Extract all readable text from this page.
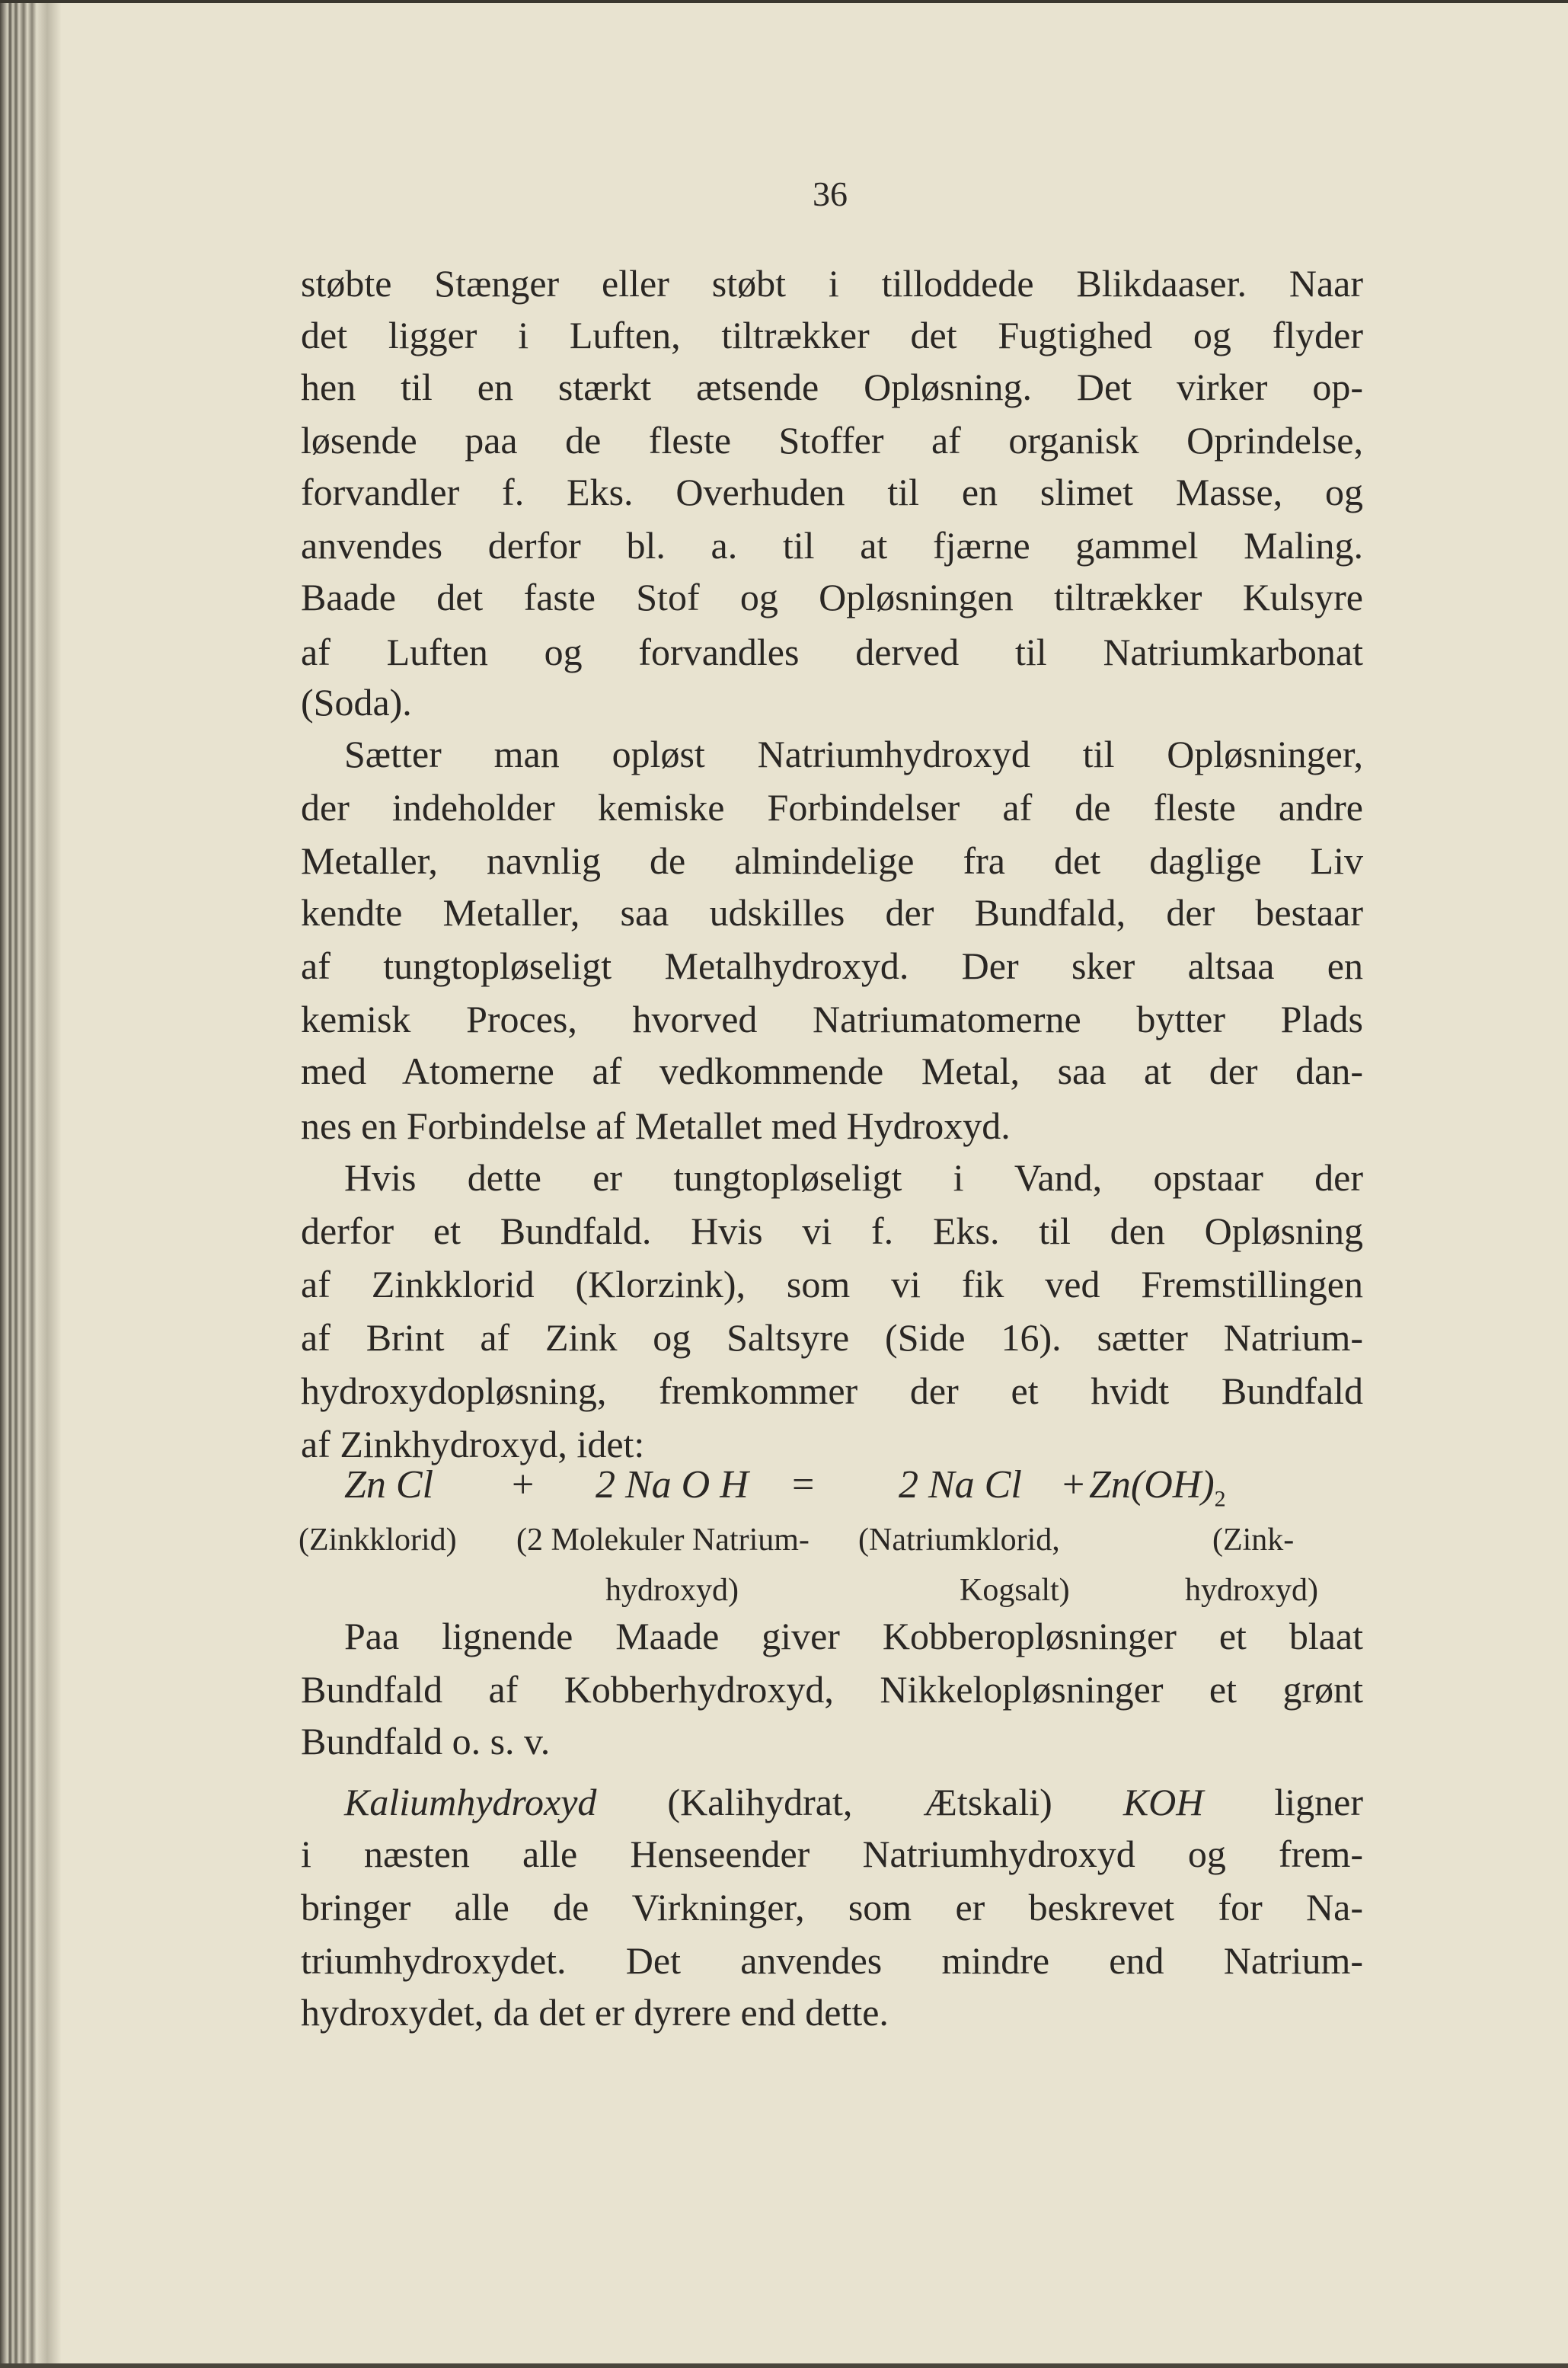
36
støbte Stænger eller støbt i tilloddede Blikdaaser. Naar
det ligger i Luften, tiltrækker det Fugtighed og flyder
hen til en stærkt ætsende Opløsning. Det virker op-
løsende paa de fleste Stoffer af organisk Oprindelse,
forvandler f. Eks. Overhuden til en slimet Masse, og
anvendes derfor bl. a. til at fjærne gammel Maling.
Baade det faste Stof og Opløsningen tiltrækker Kulsyre
af Luften og forvandles derved til Natriumkarbonat
(Soda).
Sætter man opløst Natriumhydroxyd til Opløsninger,
der indeholder kemiske Forbindelser af de fleste andre
Metaller, navnlig de almindelige fra det daglige Liv
kendte Metaller, saa udskilles der Bundfald, der bestaar
af tungtopløseligt Metalhydroxyd. Der sker altsaa en
kemisk Proces, hvorved Natriumatomerne bytter Plads
med Atomerne af vedkommende Metal, saa at der dan-
nes en Forbindelse af Metallet med Hydroxyd.
Hvis dette er tungtopløseligt i Vand, opstaar der
derfor et Bundfald. Hvis vi f. Eks. til den Opløsning
af Zinkklorid (Klorzink), som vi fik ved Fremstillingen
af Brint af Zink og Saltsyre (Side 16). sætter Natrium-
hydroxydopløsning, fremkommer der et hvidt Bundfald
af Zinkhydroxyd, idet:
Paa lignende Maade giver Kobberopløsninger et blaat
Bundfald af Kobberhydroxyd, Nikkelopløsninger et grønt
Bundfald o. s. v.
i næsten alle Henseender Natriumhydroxyd og frem-
bringer alle de Virkninger, som er beskrevet for Na-
triumhydroxydet. Det anvendes mindre end Natrium-
hydroxydet, da det er dyrere end dette.
Zn Cl + 2 Na O H = 2 Na $Cl + Zn(OH)_2$
(Zinkklorid) (2 Molekuler Natrium-
hydroxyd)
(Natriumklorid,
Kogsalt)
(Zink-
hydroxyd)
Kaliumhydroxyd (Kalihydrat, Ætskali) KOH ligner
